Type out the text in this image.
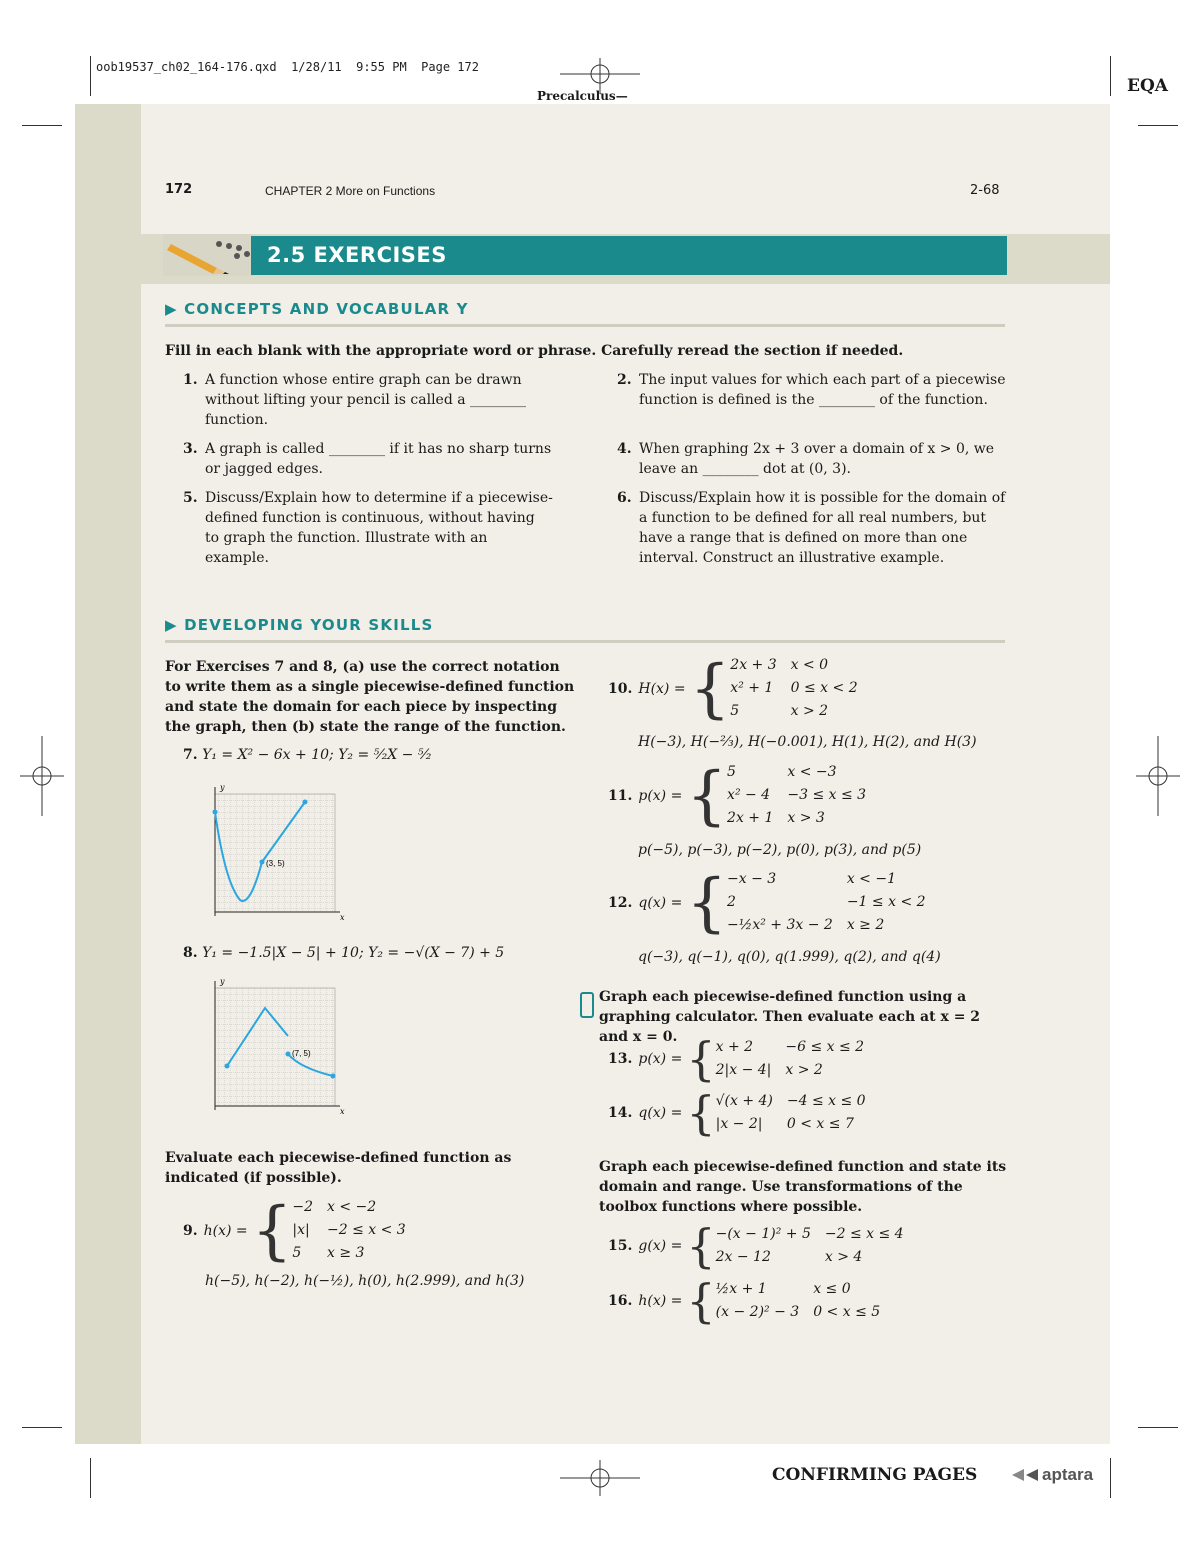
oob19537_ch02_164-176.qxd 1/28/11 9:55 PM Page 172
Precalculus—	EQA
172	CHAPTER 2 More on Functions	2-68
2.5 EXERCISES
▶ CONCEPTS AND VOCABULAR Y
Fill in each blank with the appropriate word or phrase. Carefully reread the section if needed.
1. A function whose entire graph can be drawn without lifting your pencil is called a ________ function.
3. A graph is called ________ if it has no sharp turns or jagged edges.
5. Discuss/Explain how to determine if a piecewise-defined function is continuous, without having to graph the function. Illustrate with an example.
2. The input values for which each part of a piecewise function is defined is the ________ of the function.
4. When graphing 2x + 3 over a domain of x > 0, we leave an ________ dot at (0, 3).
6. Discuss/Explain how it is possible for the domain of a function to be defined for all real numbers, but have a range that is defined on more than one interval. Construct an illustrative example.
▶ DEVELOPING YOUR SKILLS
For Exercises 7 and 8, (a) use the correct notation to write them as a single piecewise-defined function and state the domain for each piece by inspecting the graph, then (b) state the range of the function.
7. Y₁ = X² − 6x + 10; Y₂ = ⁵⁄₂X − ⁵⁄₂
(3, 5)
x
y
8. Y₁ = −1.5|X − 5| + 10; Y₂ = −√(X − 7) + 5
(7, 5)
x
y
Evaluate each piecewise-defined function as indicated (if possible).
9. h(x) = { −2	x < −2
|x|	−2 ≤ x < 3
5	x ≥ 3
h(−5), h(−2), h(−½), h(0), h(2.999), and h(3)
10. H(x) = { 2x + 3	x < 0
x² + 1	0 ≤ x < 2
5	x > 2
H(−3), H(−⅔), H(−0.001), H(1), H(2), and H(3)
11. p(x) = { 5	x < −3
x² − 4	−3 ≤ x ≤ 3
2x + 1	x > 3
p(−5), p(−3), p(−2), p(0), p(3), and p(5)
12. q(x) = { −x − 3	x < −1
2	−1 ≤ x < 2
−½x² + 3x − 2	x ≥ 2
q(−3), q(−1), q(0), q(1.999), q(2), and q(4)
Graph each piecewise-defined function using a graphing calculator. Then evaluate each at x = 2 and x = 0.
13. p(x) = { x + 2	−6 ≤ x ≤ 2
2|x − 4|	x > 2
14. q(x) = { √(x + 4)	−4 ≤ x ≤ 0
|x − 2|	0 < x ≤ 7
Graph each piecewise-defined function and state its domain and range. Use transformations of the toolbox functions where possible.
15. g(x) = { −(x − 1)² + 5	−2 ≤ x ≤ 4
2x − 12	x > 4
16. h(x) = { ½x + 1	x ≤ 0
(x − 2)² − 3	0 < x ≤ 5
CONFIRMING PAGES	aptara
